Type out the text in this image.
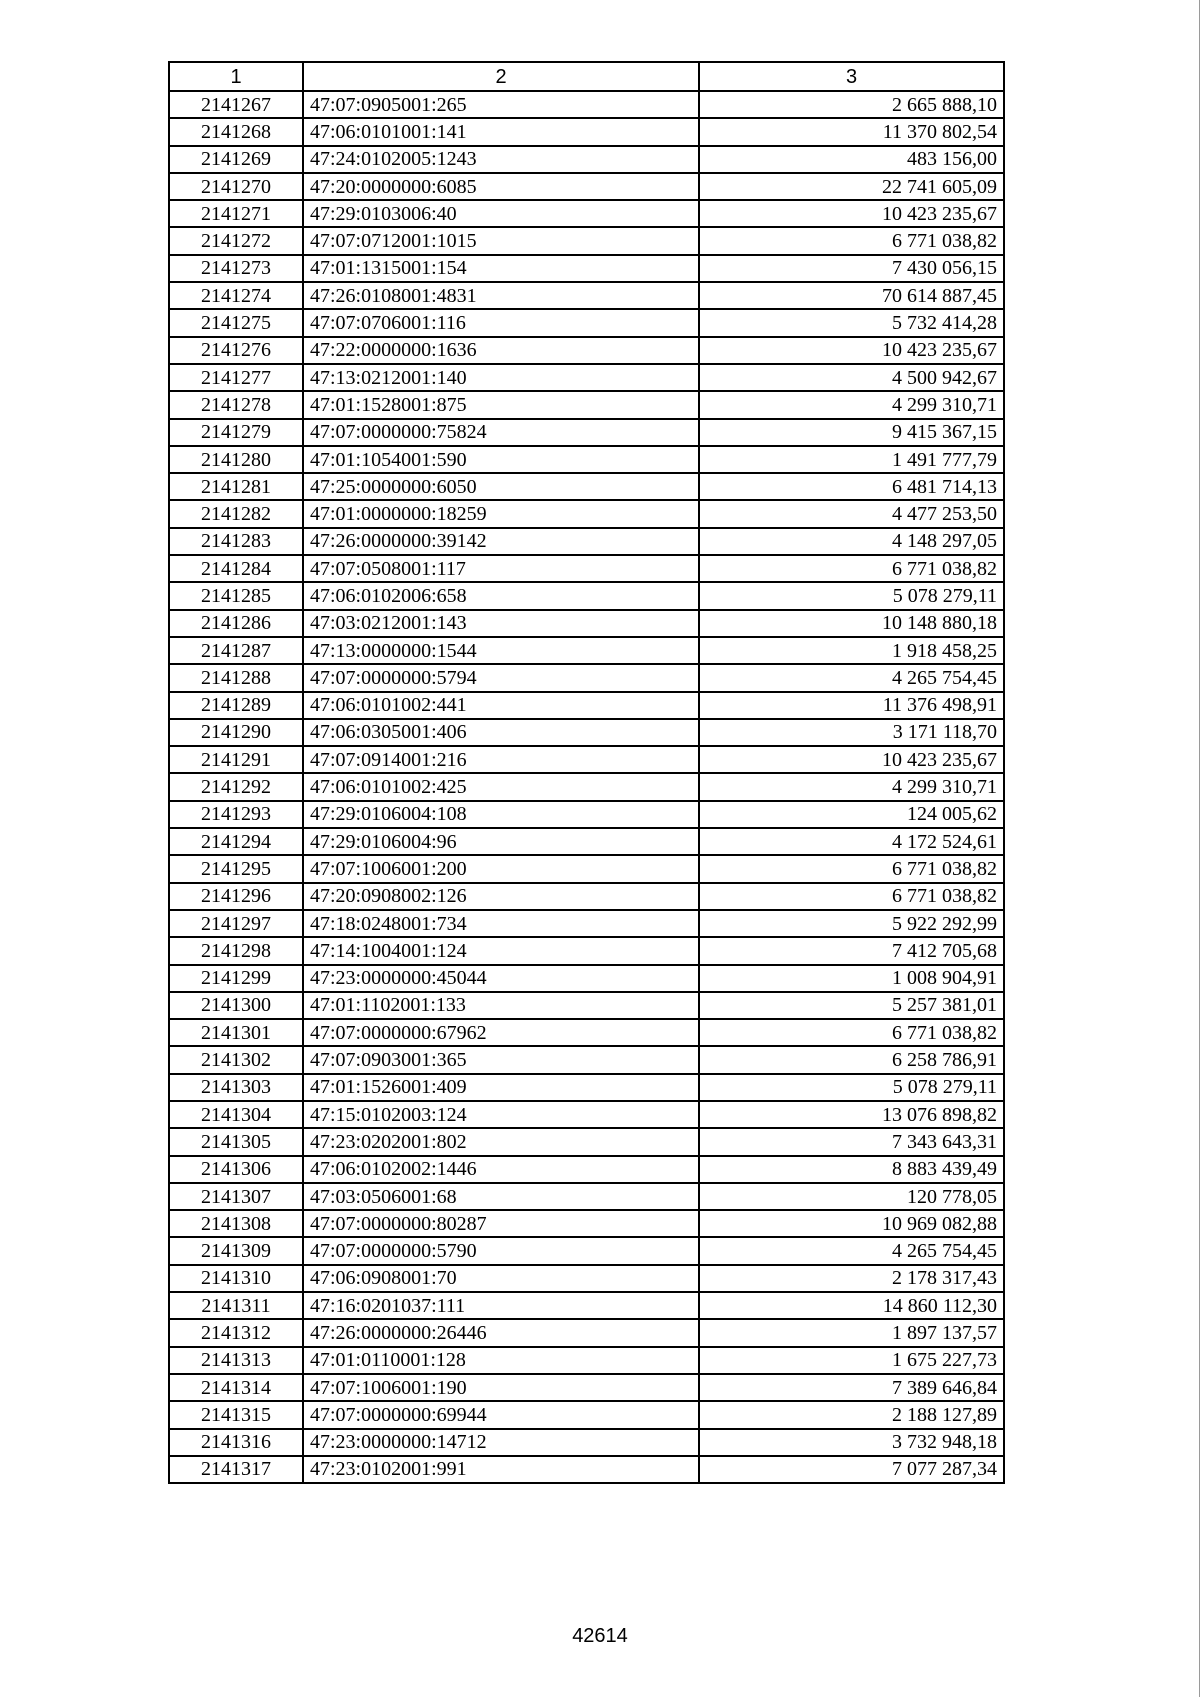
1	2	3
2141267	47:07:0905001:265	2 665 888,10
2141268	47:06:0101001:141	11 370 802,54
2141269	47:24:0102005:1243	483 156,00
2141270	47:20:0000000:6085	22 741 605,09
2141271	47:29:0103006:40	10 423 235,67
2141272	47:07:0712001:1015	6 771 038,82
2141273	47:01:1315001:154	7 430 056,15
2141274	47:26:0108001:4831	70 614 887,45
2141275	47:07:0706001:116	5 732 414,28
2141276	47:22:0000000:1636	10 423 235,67
2141277	47:13:0212001:140	4 500 942,67
2141278	47:01:1528001:875	4 299 310,71
2141279	47:07:0000000:75824	9 415 367,15
2141280	47:01:1054001:590	1 491 777,79
2141281	47:25:0000000:6050	6 481 714,13
2141282	47:01:0000000:18259	4 477 253,50
2141283	47:26:0000000:39142	4 148 297,05
2141284	47:07:0508001:117	6 771 038,82
2141285	47:06:0102006:658	5 078 279,11
2141286	47:03:0212001:143	10 148 880,18
2141287	47:13:0000000:1544	1 918 458,25
2141288	47:07:0000000:5794	4 265 754,45
2141289	47:06:0101002:441	11 376 498,91
2141290	47:06:0305001:406	3 171 118,70
2141291	47:07:0914001:216	10 423 235,67
2141292	47:06:0101002:425	4 299 310,71
2141293	47:29:0106004:108	124 005,62
2141294	47:29:0106004:96	4 172 524,61
2141295	47:07:1006001:200	6 771 038,82
2141296	47:20:0908002:126	6 771 038,82
2141297	47:18:0248001:734	5 922 292,99
2141298	47:14:1004001:124	7 412 705,68
2141299	47:23:0000000:45044	1 008 904,91
2141300	47:01:1102001:133	5 257 381,01
2141301	47:07:0000000:67962	6 771 038,82
2141302	47:07:0903001:365	6 258 786,91
2141303	47:01:1526001:409	5 078 279,11
2141304	47:15:0102003:124	13 076 898,82
2141305	47:23:0202001:802	7 343 643,31
2141306	47:06:0102002:1446	8 883 439,49
2141307	47:03:0506001:68	120 778,05
2141308	47:07:0000000:80287	10 969 082,88
2141309	47:07:0000000:5790	4 265 754,45
2141310	47:06:0908001:70	2 178 317,43
2141311	47:16:0201037:111	14 860 112,30
2141312	47:26:0000000:26446	1 897 137,57
2141313	47:01:0110001:128	1 675 227,73
2141314	47:07:1006001:190	7 389 646,84
2141315	47:07:0000000:69944	2 188 127,89
2141316	47:23:0000000:14712	3 732 948,18
2141317	47:23:0102001:991	7 077 287,34
42614
